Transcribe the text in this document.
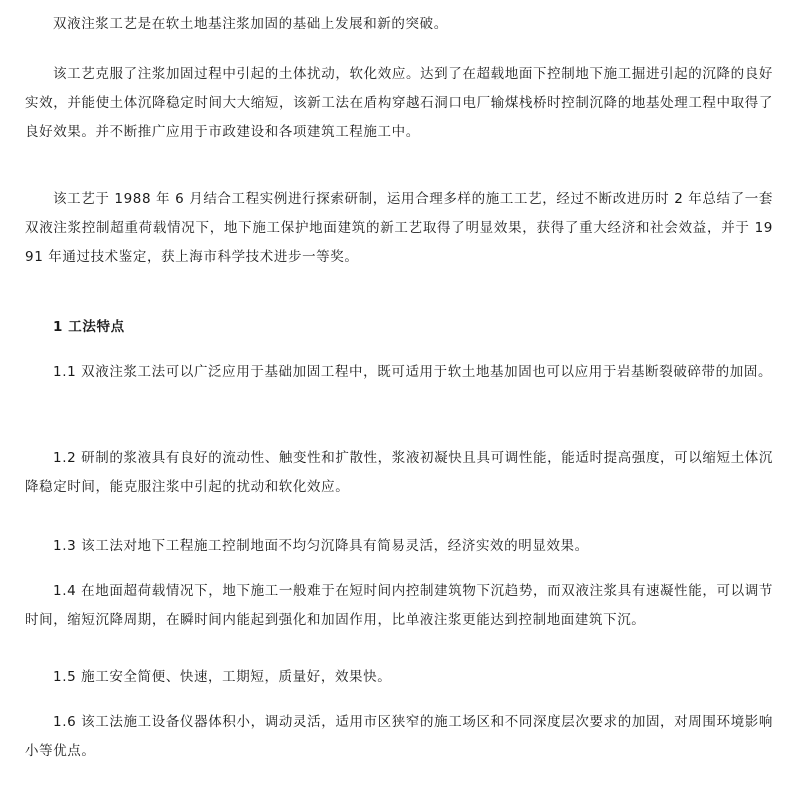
双液注浆工艺是在软土地基注浆加固的基础上发展和新的突破。

该工艺克服了注浆加固过程中引起的土体扰动，软化效应。达到了在超载地面下控制地下施工掘进引起的沉降的良好实效，并能使土体沉降稳定时间大大缩短，该新工法在盾构穿越石洞口电厂输煤栈桥时控制沉降的地基处理工程中取得了良好效果。并不断推广应用于市政建设和各项建筑工程施工中。

该工艺于 1988 年 6 月结合工程实例进行探索研制，运用合理多样的施工工艺，经过不断改进历时 2 年总结了一套双液注浆控制超重荷载情况下，地下施工保护地面建筑的新工艺取得了明显效果，获得了重大经济和社会效益，并于 1991 年通过技术鉴定，获上海市科学技术进步一等奖。

1 工法特点

1.1 双液注浆工法可以广泛应用于基础加固工程中，既可适用于软土地基加固也可以应用于岩基断裂破碎带的加固。

1.2 研制的浆液具有良好的流动性、触变性和扩散性，浆液初凝快且具可调性能，能适时提高强度，可以缩短土体沉降稳定时间，能克服注浆中引起的扰动和软化效应。

1.3 该工法对地下工程施工控制地面不均匀沉降具有简易灵活，经济实效的明显效果。

1.4 在地面超荷载情况下，地下施工一般难于在短时间内控制建筑物下沉趋势，而双液注浆具有速凝性能，可以调节时间，缩短沉降周期，在瞬时间内能起到强化和加固作用，比单液注浆更能达到控制地面建筑下沉。

1.5 施工安全简便、快速，工期短，质量好，效果快。

1.6 该工法施工设备仪器体积小，调动灵活，适用市区狭窄的施工场区和不同深度层次要求的加固，对周围环境影响小等优点。
